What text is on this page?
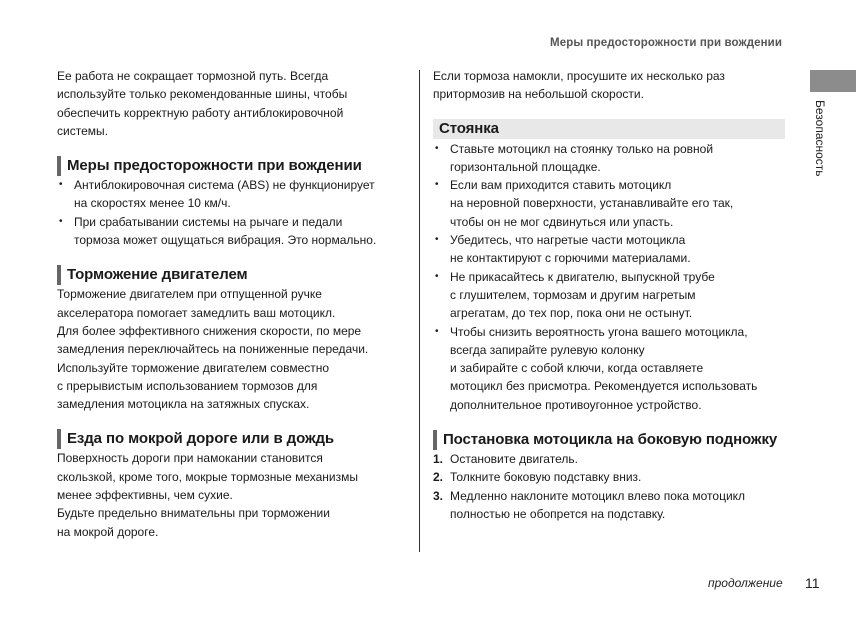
Меры предосторожности при вождении
Безопасность

Ее работа не сокращает тормозной путь. Всегда

используйте только рекомендованные шины, чтобы

обеспечить корректную работу антиблокировочной

системы.

Меры предосторожности при вождении
• Антиблокировочная система (ABS) не функционирует
на скоростях менее 10 км/ч.
• При срабатывании системы на рычаге и педали
тормоза может ощущаться вибрация. Это нормально.
Торможение двигателем

Торможение двигателем при отпущенной ручке

акселератора помогает замедлить ваш мотоцикл.

Для более эффективного снижения скорости, по мере

замедления переключайтесь на пониженные передачи.

Используйте торможение двигателем совместно

с прерывистым использованием тормозов для

замедления мотоцикла на затяжных спусках.

Езда по мокрой дороге или в дождь

Поверхность дороги при намокании становится

скользкой, кроме того, мокрые тормозные механизмы

менее эффективны, чем сухие.

Будьте предельно внимательны при торможении

на мокрой дороге.

Если тормоза намокли, просушите их несколько раз

притормозив на небольшой скорости.

Стоянка
• Ставьте мотоцикл на стоянку только на ровной
горизонтальной площадке.
• Если вам приходится ставить мотоцикл
на неровной поверхности, устанавливайте его так,
чтобы он не мог сдвинуться или упасть.
• Убедитесь, что нагретые части мотоцикла
не контактируют с горючими материалами.
• Не прикасайтесь к двигателю, выпускной трубе
с глушителем, тормозам и другим нагретым
агрегатам, до тех пор, пока они не остынут.
• Чтобы снизить вероятность угона вашего мотоцикла,
всегда запирайте рулевую колонку
и забирайте с собой ключи, когда оставляете
мотоцикл без присмотра. Рекомендуется использовать
дополнительное противоугонное устройство.
Постановка мотоцикла на боковую подножку
1. Остановите двигатель.
2. Толкните боковую подставку вниз.
3. Медленно наклоните мотоцикл влево пока мотоцикл
полностью не обопрется на подставку.
продолжение 11
